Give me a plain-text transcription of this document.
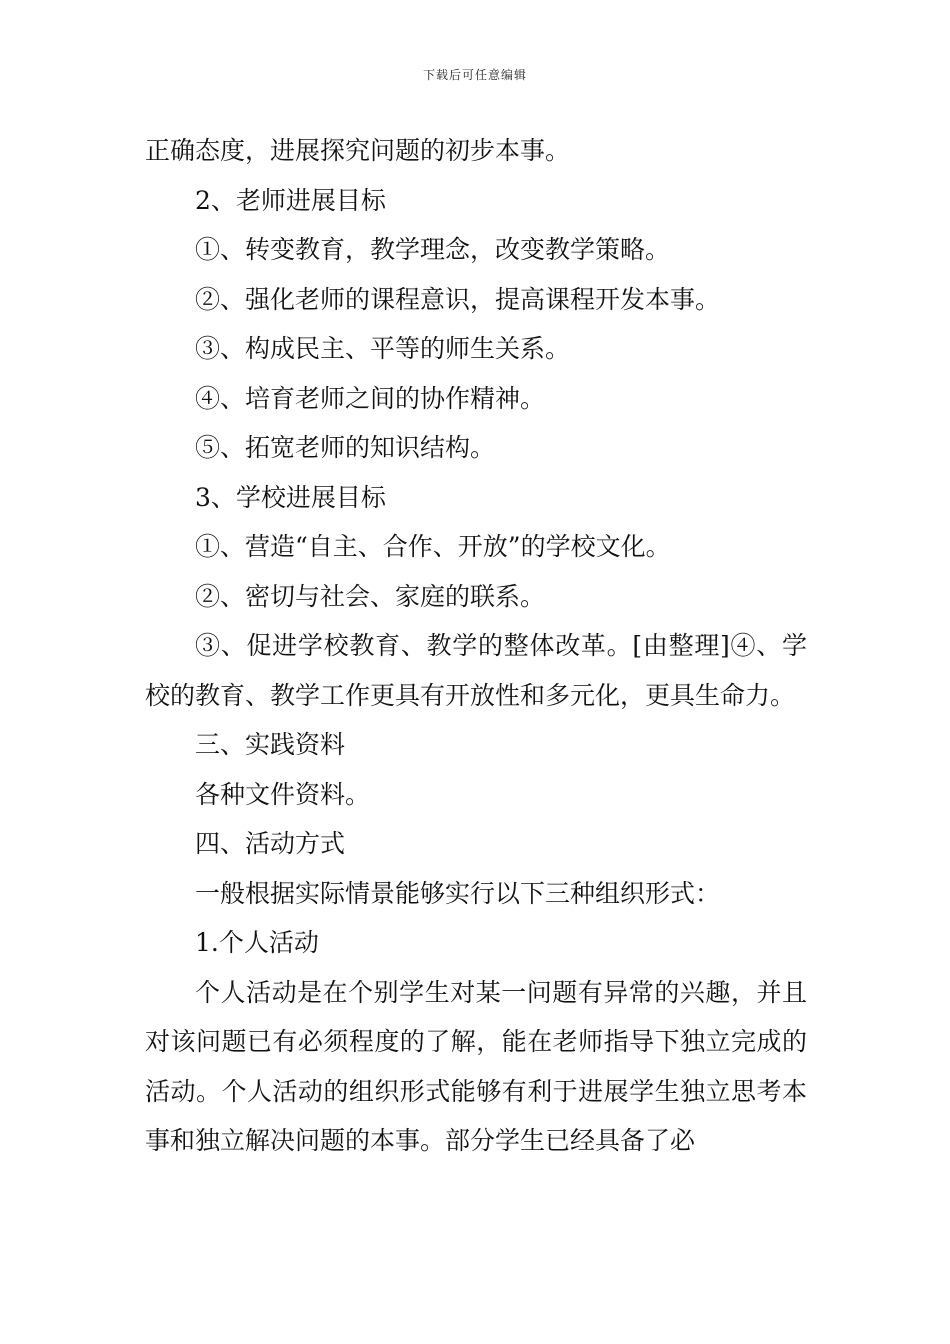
下载后可任意编辑

正确态度，进展探究问题的初步本事。

2、老师进展目标

①、转变教育，教学理念，改变教学策略。

②、强化老师的课程意识，提高课程开发本事。

③、构成民主、平等的师生关系。

④、培育老师之间的协作精神。

⑤、拓宽老师的知识结构。

3、学校进展目标

①、营造“自主、合作、开放”的学校文化。

②、密切与社会、家庭的联系。

③、促进学校教育、教学的整体改革。[由整理]④、学校的教育、教学工作更具有开放性和多元化，更具生命力。

三、实践资料

各种文件资料。

四、活动方式

一般根据实际情景能够实行以下三种组织形式：

1.个人活动

个人活动是在个别学生对某一问题有异常的兴趣，并且对该问题已有必须程度的了解，能在老师指导下独立完成的活动。个人活动的组织形式能够有利于进展学生独立思考本事和独立解决问题的本事。部分学生已经具备了必
